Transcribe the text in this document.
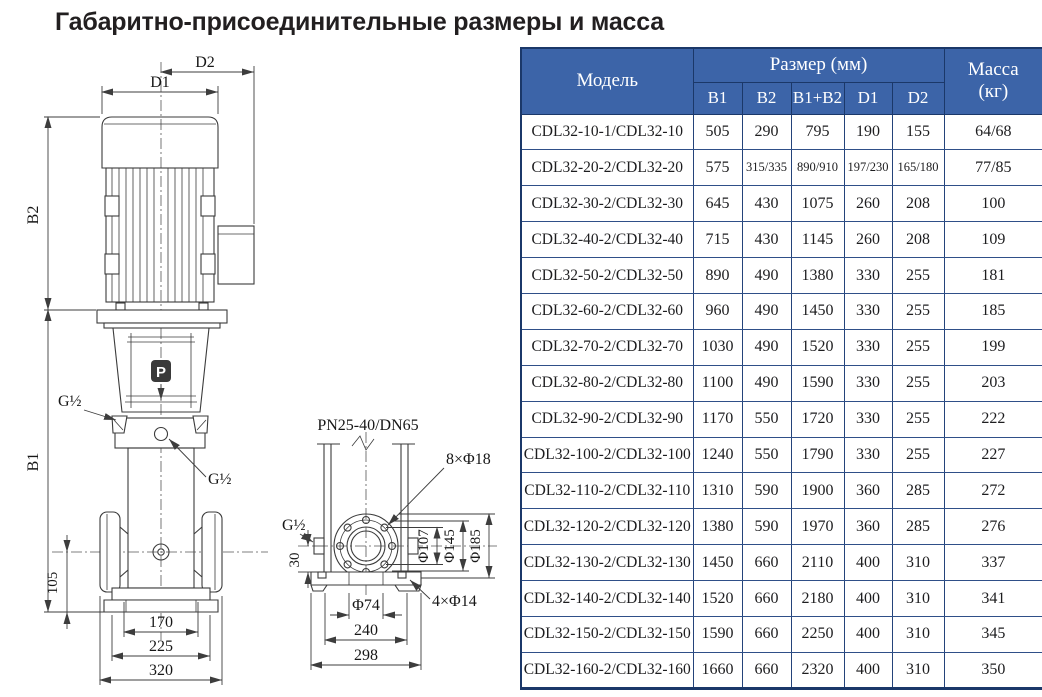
Габаритно-присоединительные размеры и масса
P
D2
D1
B2
B1
105
170
225
320
G½
G½
PN25-40/DN65
G½
30
8×Φ18
Φ107 Φ145 Φ185
4×Φ14
Φ74
240
298
Модель	Размер (мм)					Масса
(кг)

	B1	B2	B1+B2	D1	D2	
CDL32-10-1/CDL32-10	505	290	795	190	155	64/68
CDL32-20-2/CDL32-20	575	315/335	890/910	197/230	165/180	77/85
CDL32-30-2/CDL32-30	645	430	1075	260	208	100
CDL32-40-2/CDL32-40	715	430	1145	260	208	109
CDL32-50-2/CDL32-50	890	490	1380	330	255	181
CDL32-60-2/CDL32-60	960	490	1450	330	255	185
CDL32-70-2/CDL32-70	1030	490	1520	330	255	199
CDL32-80-2/CDL32-80	1100	490	1590	330	255	203
CDL32-90-2/CDL32-90	1170	550	1720	330	255	222
CDL32-100-2/CDL32-100	1240	550	1790	330	255	227
CDL32-110-2/CDL32-110	1310	590	1900	360	285	272
CDL32-120-2/CDL32-120	1380	590	1970	360	285	276
CDL32-130-2/CDL32-130	1450	660	2110	400	310	337
CDL32-140-2/CDL32-140	1520	660	2180	400	310	341
CDL32-150-2/CDL32-150	1590	660	2250	400	310	345
CDL32-160-2/CDL32-160	1660	660	2320	400	310	350
